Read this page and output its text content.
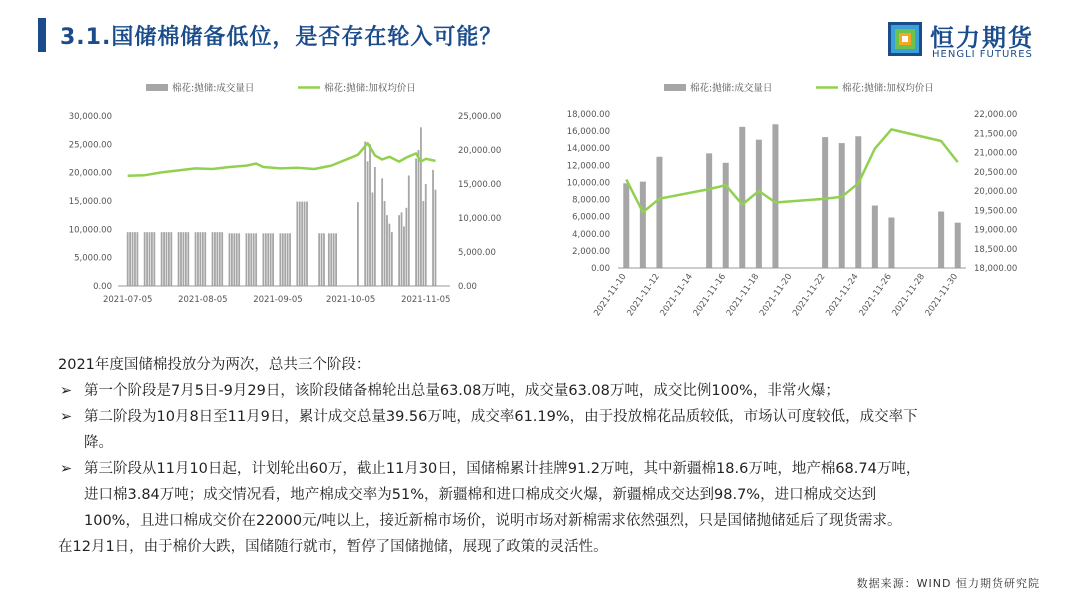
3.1.国储棉储备低位，是否存在轮入可能？	恒力期货
HENGLI FUTURES
棉花:抛储:成交量日	棉花:抛储:加权均价日
0.00
5,000.00
10,000.00
15,000.00
20,000.00
25,000.00
30,000.00
0.00
5,000.00
10,000.00
15,000.00
20,000.00
25,000.00
2021-07-05	2021-08-05	2021-09-05	2021-10-05	2021-11-05
棉花:抛储:成交量日	棉花:抛储:加权均价日
0.00
2,000.00
4,000.00
6,000.00
8,000.00
10,000.00
12,000.00
14,000.00
16,000.00
18,000.00
18,000.00
18,500.00
19,000.00
19,500.00
20,000.00
20,500.00
21,000.00
21,500.00
22,000.00
2021-11-10
2021-11-12
2021-11-14
2021-11-16
2021-11-18
2021-11-20
2021-11-22
2021-11-24
2021-11-26
2021-11-28
2021-11-30

2021年度国储棉投放分为两次，总共三个阶段：

➢ 第一个阶段是7月5日-9月29日，该阶段储备棉轮出总量63.08万吨，成交量63.08万吨，成交比例100%，非常火爆；

➢ 第二阶段为10月8日至11月9日，累计成交总量39.56万吨，成交率61.19%，由于投放棉花品质较低，市场认可度较低，成交率下

降。

➢ 第三阶段从11月10日起，计划轮出60万，截止11月30日，国储棉累计挂牌91.2万吨，其中新疆棉18.6万吨，地产棉68.74万吨，

进口棉3.84万吨；成交情况看，地产棉成交率为51%，新疆棉和进口棉成交火爆，新疆棉成交达到98.7%，进口棉成交达到

100%，且进口棉成交价在22000元/吨以上，接近新棉市场价，说明市场对新棉需求依然强烈，只是国储抛储延后了现货需求。

在12月1日，由于棉价大跌，国储随行就市，暂停了国储抛储，展现了政策的灵活性。

数据来源：WIND 恒力期货研究院
